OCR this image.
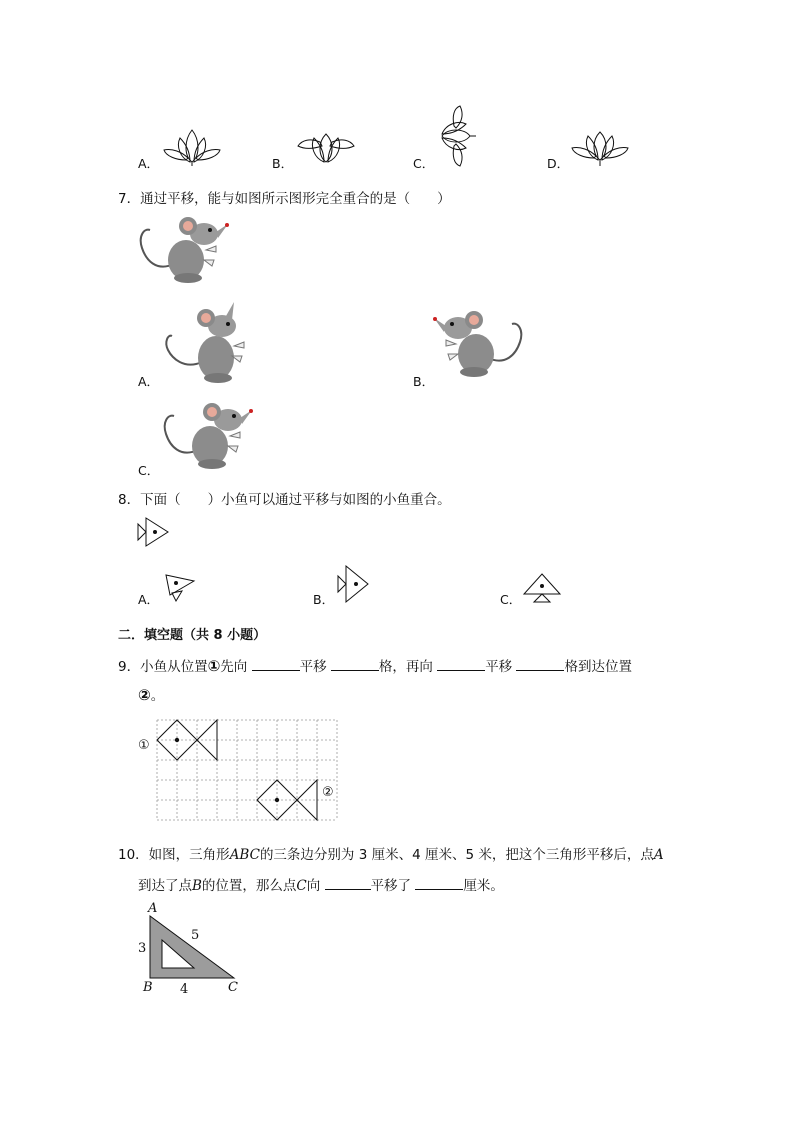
A．	B．	C．	D．
7．通过平移，能与如图所示图形完全重合的是（　　）
A．	B．
C．
8．下面（　　）小鱼可以通过平移与如图的小鱼重合。
A．	B．	C．
二．填空题（共 8 小题）
9．小鱼从位置①先向	平移	格，再向	平移	格到达位置
②。
①
②
10．如图，三角形ABC的三条边分别为 3 厘米、4 厘米、5 米，把这个三角形平移后，点A
到达了点B的位置，那么点C向	平移了	厘米。
A
B	C
3
4
5
